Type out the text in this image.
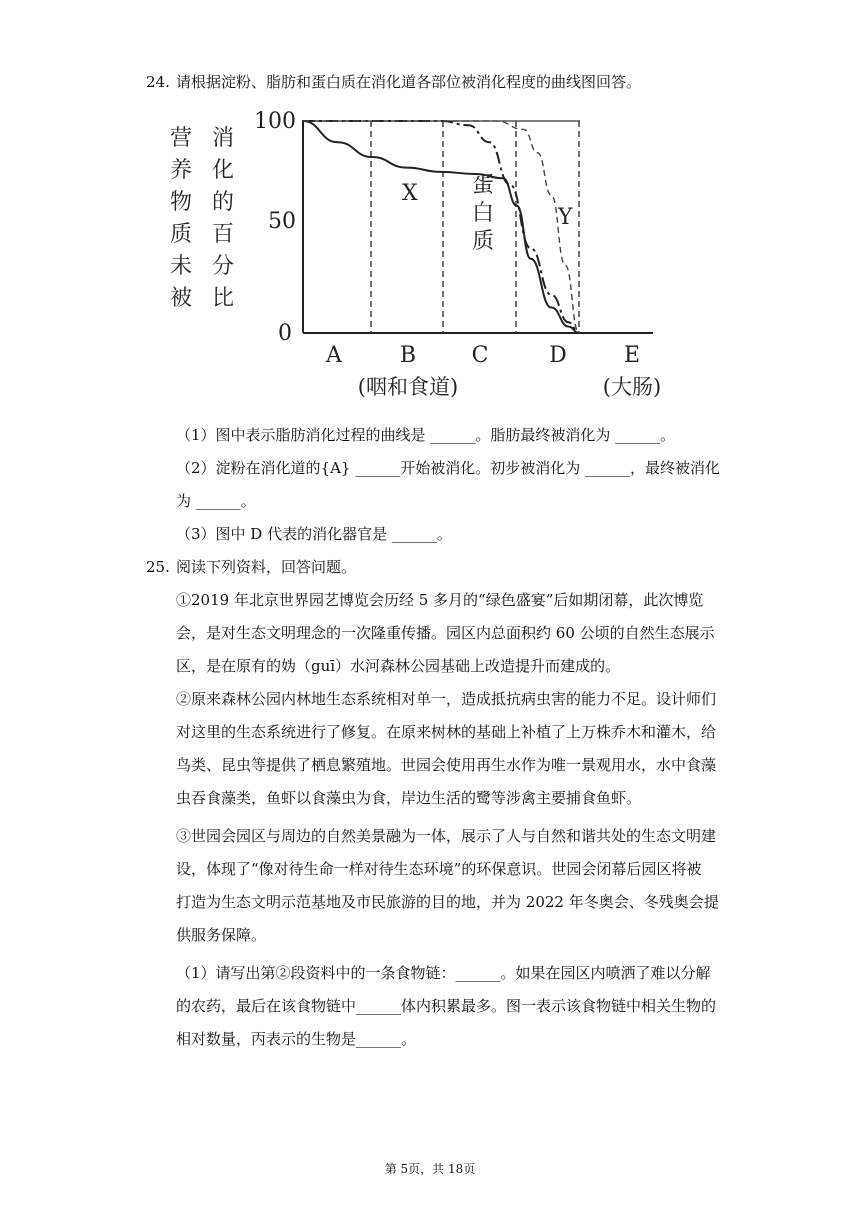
24. 请根据淀粉、脂肪和蛋白质在消化道各部位被消化程度的曲线图回答。
营
养
物
质
未
被
消
化
的
百
分
比
100
50
0
X 蛋白质
Y
A	B	C	D	E
(咽和食道)	(大肠)
（1）图中表示脂肪消化过程的曲线是 ______。脂肪最终被消化为 ______。
（2）淀粉在消化道的{A} ______开始被消化。初步被消化为 ______，最终被消化
为 ______。
（3）图中 D 代表的消化器官是 ______。
25. 阅读下列资料，回答问题。
①2019 年北京世界园艺博览会历经 5 多月的“绿色盛宴”后如期闭幕，此次博览
会，是对生态文明理念的一次隆重传播。园区内总面积约 60 公顷的自然生态展示
区，是在原有的妫（guī）水河森林公园基础上改造提升而建成的。
②原来森林公园内林地生态系统相对单一，造成抵抗病虫害的能力不足。设计师们
对这里的生态系统进行了修复。在原来树林的基础上补植了上万株乔木和灌木，给
鸟类、昆虫等提供了栖息繁殖地。世园会使用再生水作为唯一景观用水，水中食藻
虫吞食藻类，鱼虾以食藻虫为食，岸边生活的鹭等涉禽主要捕食鱼虾。
③世园会园区与周边的自然美景融为一体，展示了人与自然和谐共处的生态文明建
设，体现了“像对待生命一样对待生态环境”的环保意识。世园会闭幕后园区将被
打造为生态文明示范基地及市民旅游的目的地，并为 2022 年冬奥会、冬残奥会提
供服务保障。
（1）请写出第②段资料中的一条食物链：______。如果在园区内喷洒了难以分解
的农药，最后在该食物链中______体内积累最多。图一表示该食物链中相关生物的
相对数量，丙表示的生物是______。
第 5页，共 18页
